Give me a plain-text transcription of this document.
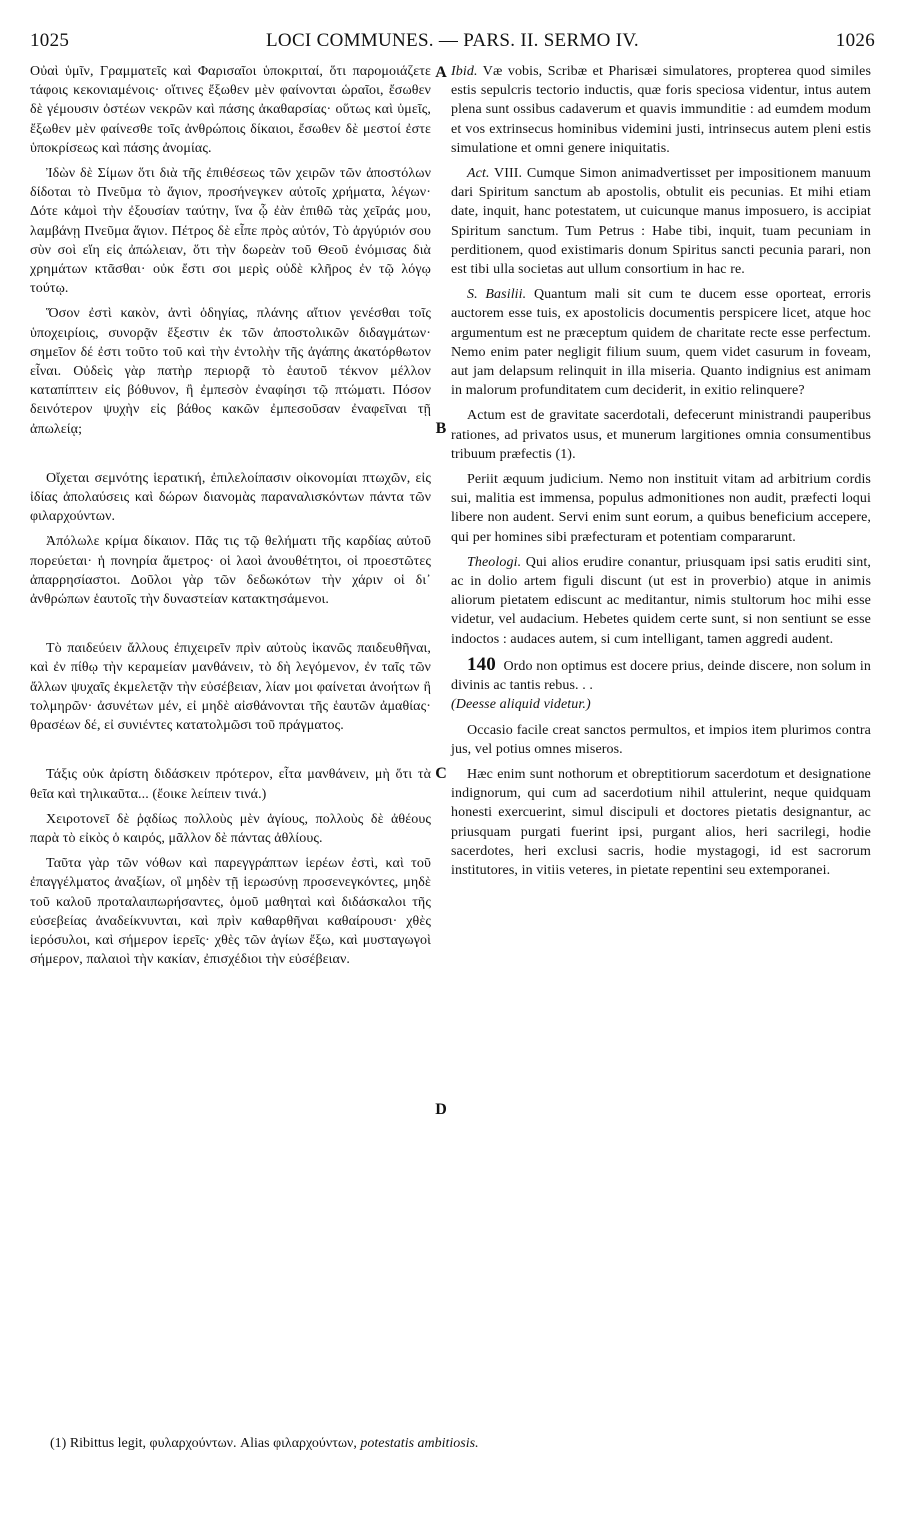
1025	LOCI COMMUNES. — PARS. II. SERMO IV.	1026
A
B
C
D

Οὐαὶ ὑμῖν, Γραμματεῖς καὶ Φαρισαῖοι ὑποκριταί, ὅτι παρομοιάζετε τάφοις κεκονιαμένοις· οἵτινες ἔξωθεν μὲν φαίνονται ὡραῖοι, ἔσωθεν δὲ γέμουσιν ὀστέων νεκρῶν καὶ πάσης ἀκαθαρσίας· οὕτως καὶ ὑμεῖς, ἔξωθεν μὲν φαίνεσθε τοῖς ἀνθρώποις δίκαιοι, ἔσωθεν δὲ μεστοί ἐστε ὑποκρίσεως καὶ πάσης ἀνομίας.

Ἰδὼν δὲ Σίμων ὅτι διὰ τῆς ἐπιθέσεως τῶν χειρῶν τῶν ἀποστόλων δίδοται τὸ Πνεῦμα τὸ ἅγιον, προσήνεγκεν αὐτοῖς χρήματα, λέγων· Δότε κἀμοὶ τὴν ἐξουσίαν ταύτην, ἵνα ᾧ ἐὰν ἐπιθῶ τὰς χεῖράς μου, λαμβάνῃ Πνεῦμα ἅγιον. Πέτρος δὲ εἶπε πρὸς αὐτόν, Τὸ ἀργύριόν σου σὺν σοὶ εἴη εἰς ἀπώλειαν, ὅτι τὴν δωρεὰν τοῦ Θεοῦ ἐνόμισας διὰ χρημάτων κτᾶσθαι· οὐκ ἔστι σοι μερὶς οὐδὲ κλῆρος ἐν τῷ λόγῳ τούτῳ.

Ὅσον ἐστὶ κακὸν, ἀντὶ ὁδηγίας, πλάνης αἴτιον γενέσθαι τοῖς ὑποχειρίοις, συνορᾷν ἔξεστιν ἐκ τῶν ἀποστολικῶν διδαγμάτων· σημεῖον δέ ἐστι τοῦτο τοῦ καὶ τὴν ἐντολὴν τῆς ἀγάπης ἀκατόρθωτον εἶναι. Οὐδεὶς γὰρ πατὴρ περιορᾷ τὸ ἑαυτοῦ τέκνον μέλλον καταπίπτειν εἰς βόθυνον, ἢ ἐμπεσὸν ἐναφίησι τῷ πτώματι. Πόσον δεινότερον ψυχὴν εἰς βάθος κακῶν ἐμπεσοῦσαν ἐναφεῖναι τῇ ἀπωλείᾳ;

Οἴχεται σεμνότης ἱερατική, ἐπιλελοίπασιν οἰκονομίαι πτωχῶν, εἰς ἰδίας ἀπολαύσεις καὶ δώρων διανομὰς παραναλισκόντων πάντα τῶν φιλαρχούντων.

Ἀπόλωλε κρίμα δίκαιον. Πᾶς τις τῷ θελήματι τῆς καρδίας αὐτοῦ πορεύεται· ἡ πονηρία ἄμετρος· οἱ λαοὶ ἀνουθέτητοι, οἱ προεστῶτες ἀπαρρησίαστοι. Δοῦλοι γὰρ τῶν δεδωκότων τὴν χάριν οἱ δι᾽ ἀνθρώπων ἑαυτοῖς τὴν δυναστείαν κατακτησάμενοι.

Τὸ παιδεύειν ἄλλους ἐπιχειρεῖν πρὶν αὐτοὺς ἱκανῶς παιδευθῆναι, καὶ ἐν πίθῳ τὴν κεραμείαν μανθάνειν, τὸ δὴ λεγόμενον, ἐν ταῖς τῶν ἄλλων ψυχαῖς ἐκμελετᾷν τὴν εὐσέβειαν, λίαν μοι φαίνεται ἀνοήτων ἢ τολμηρῶν· ἀσυνέτων μέν, εἰ μηδὲ αἰσθάνονται τῆς ἑαυτῶν ἀμαθίας· θρασέων δέ, εἰ συνιέντες κατατολμῶσι τοῦ πράγματος.

Τάξις οὐκ ἀρίστη διδάσκειν πρότερον, εἶτα μανθάνειν, μὴ ὅτι τὰ θεῖα καὶ τηλικαῦτα... (ἔοικε λείπειν τινά.)

Χειροτονεῖ δὲ ῥᾳδίως πολλοὺς μὲν ἁγίους, πολλοὺς δὲ ἀθέους παρὰ τὸ εἰκὸς ὁ καιρός, μᾶλλον δὲ πάντας ἀθλίους.

Ταῦτα γὰρ τῶν νόθων καὶ παρεγγράπτων ἱερέων ἐστὶ, καὶ τοῦ ἐπαγγέλματος ἀναξίων, οἳ μηδὲν τῇ ἱερωσύνῃ προσενεγκόντες, μηδὲ τοῦ καλοῦ προταλαιπωρήσαντες, ὁμοῦ μαθηταὶ καὶ διδάσκαλοι τῆς εὐσεβείας ἀναδείκνυνται, καὶ πρὶν καθαρθῆναι καθαίρουσι· χθὲς ἱερόσυλοι, καὶ σήμερον ἱερεῖς· χθὲς τῶν ἁγίων ἔξω, καὶ μυσταγωγοὶ σήμερον, παλαιοὶ τὴν κακίαν, ἐπισχέδιοι τὴν εὐσέβειαν.

Ibid. Væ vobis, Scribæ et Pharisæi simulatores, propterea quod similes estis sepulcris tectorio inductis, quæ foris speciosa videntur, intus autem plena sunt ossibus cadaverum et quavis immunditie : ad eumdem modum et vos extrinsecus hominibus videmini justi, intrinsecus autem pleni estis simulatione et omni genere iniquitatis.

Act. VIII. Cumque Simon animadvertisset per impositionem manuum dari Spiritum sanctum ab apostolis, obtulit eis pecunias. Et mihi etiam date, inquit, hanc potestatem, ut cuicunque manus imposuero, is accipiat Spiritum sanctum. Tum Petrus : Habe tibi, inquit, tuam pecuniam in perditionem, quod existimaris donum Spiritus sancti pecunia parari, non est tibi ulla societas aut ullum consortium in hac re.

S. Basilii. Quantum mali sit cum te ducem esse oporteat, erroris auctorem esse tuis, ex apostolicis documentis perspicere licet, atque hoc argumentum est ne præceptum quidem de charitate recte esse perfectum. Nemo enim pater negligit filium suum, quem videt casurum in foveam, aut jam delapsum relinquit in illa miseria. Quanto indignius est animam in malorum profunditatem cum deciderit, in exitio relinquere?

Actum est de gravitate sacerdotali, defecerunt ministrandi pauperibus rationes, ad privatos usus, et munerum largitiones omnia consumentibus tribuum præfectis (1).

Periit æquum judicium. Nemo non instituit vitam ad arbitrium cordis sui, malitia est immensa, populus admonitiones non audit, præfecti loqui libere non audent. Servi enim sunt eorum, a quibus beneficium accepere, qui per homines sibi præfecturam et potentiam compararunt.

Theologi. Qui alios erudire conantur, priusquam ipsi satis eruditi sint, ac in dolio artem figuli discunt (ut est in proverbio) atque in animis aliorum pietatem ediscunt ac meditantur, nimis stultorum hoc mihi esse videtur, vel audacium. Hebetes quidem certe sunt, si non sentiunt se esse indoctos : audaces autem, si cum intelligant, tamen aggredi audent.

140 Ordo non optimus est docere prius, deinde discere, non solum in divinis ac tantis rebus. . .
(Deesse aliquid videtur.)

Occasio facile creat sanctos permultos, et impios item plurimos contra jus, vel potius omnes miseros.

Hæc enim sunt nothorum et obreptitiorum sacerdotum et designatione indignorum, qui cum ad sacerdotium nihil attulerint, neque quidquam honesti exercuerint, simul discipuli et doctores pietatis designantur, ac priusquam purgati fuerint ipsi, purgant alios, heri sacrilegi, hodie sacerdotes, heri exclusi sacris, hodie mystagogi, id est sacrorum institutores, in vitiis veteres, in pietate repentini seu extemporanei.

(1) Ribittus legit, φυλαρχούντων. Alias φιλαρχούντων, potestatis ambitiosis.
